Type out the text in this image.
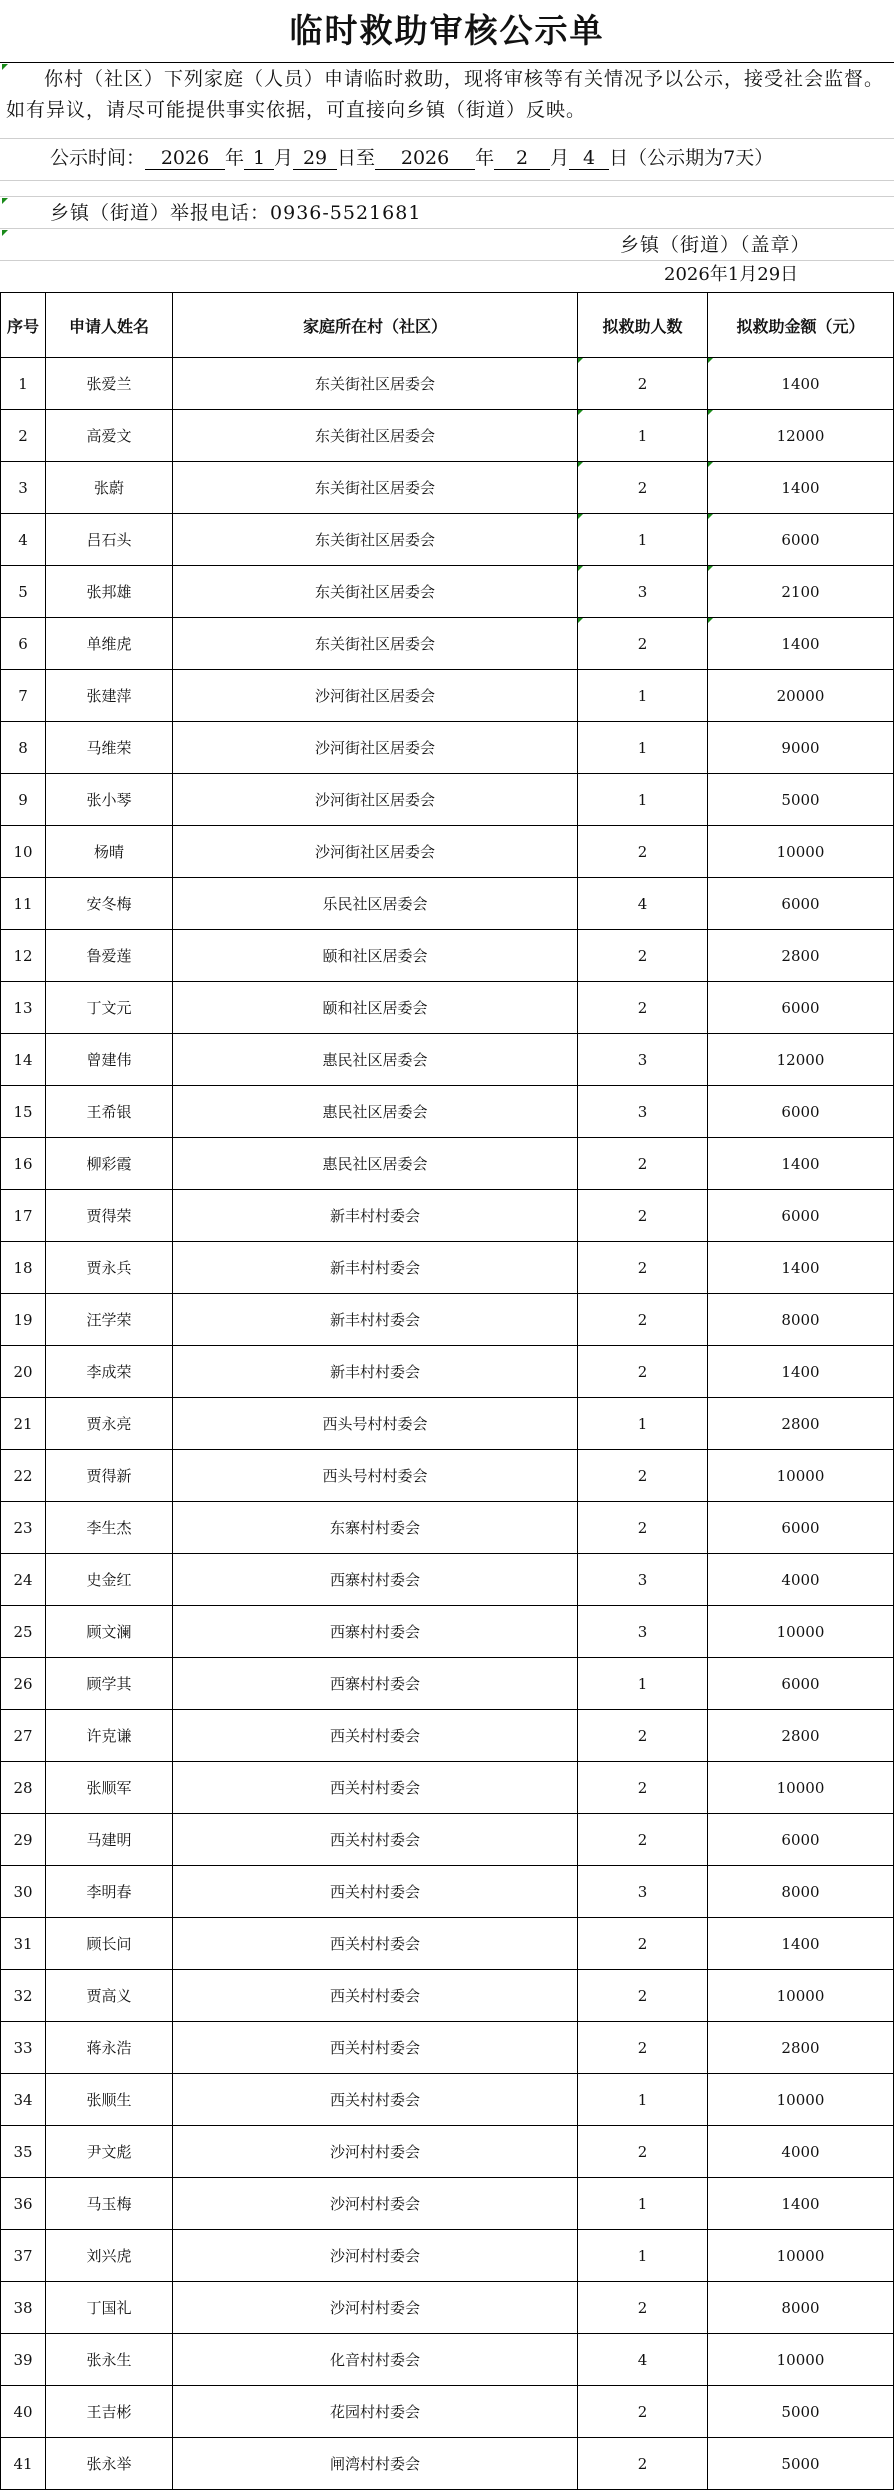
临时救助审核公示单
你村（社区）下列家庭（人员）申请临时救助，现将审核等有关情况予以公示，接受社会监督。如有异议，请尽可能提供事实依据，可直接向乡镇（街道）反映。
公示时间： 2026 年 1 月 29 日至 2026 年 2 月 4 日（公示期为7天）
乡镇（街道）举报电话：0936-5521681
乡镇（街道）（盖章）
2026年1月29日
序号	申请人姓名	家庭所在村（社区）	拟救助人数	拟救助金额（元）
1	张爱兰	东关街社区居委会	2	1400

2	高爱文	东关街社区居委会	1	12000

3	张蔚	东关街社区居委会	2	1400

4	吕石头	东关街社区居委会	1	6000

5	张邦雄	东关街社区居委会	3	2100

6	单维虎	东关街社区居委会	2	1400

7	张建萍	沙河街社区居委会	1	20000
8	马维荣	沙河街社区居委会	1	9000
9	张小琴	沙河街社区居委会	1	5000
10	杨晴	沙河街社区居委会	2	10000
11	安冬梅	乐民社区居委会	4	6000
12	鲁爱莲	颐和社区居委会	2	2800
13	丁文元	颐和社区居委会	2	6000
14	曾建伟	惠民社区居委会	3	12000
15	王希银	惠民社区居委会	3	6000
16	柳彩霞	惠民社区居委会	2	1400
17	贾得荣	新丰村村委会	2	6000
18	贾永兵	新丰村村委会	2	1400
19	汪学荣	新丰村村委会	2	8000
20	李成荣	新丰村村委会	2	1400
21	贾永亮	西头号村村委会	1	2800
22	贾得新	西头号村村委会	2	10000
23	李生杰	东寨村村委会	2	6000
24	史金红	西寨村村委会	3	4000
25	顾文澜	西寨村村委会	3	10000
26	顾学其	西寨村村委会	1	6000
27	许克谦	西关村村委会	2	2800
28	张顺军	西关村村委会	2	10000
29	马建明	西关村村委会	2	6000
30	李明春	西关村村委会	3	8000
31	顾长问	西关村村委会	2	1400
32	贾高义	西关村村委会	2	10000
33	蒋永浩	西关村村委会	2	2800
34	张顺生	西关村村委会	1	10000
35	尹文彪	沙河村村委会	2	4000
36	马玉梅	沙河村村委会	1	1400
37	刘兴虎	沙河村村委会	1	10000
38	丁国礼	沙河村村委会	2	8000
39	张永生	化音村村委会	4	10000
40	王吉彬	花园村村委会	2	5000
41	张永举	闸湾村村委会	2	5000
